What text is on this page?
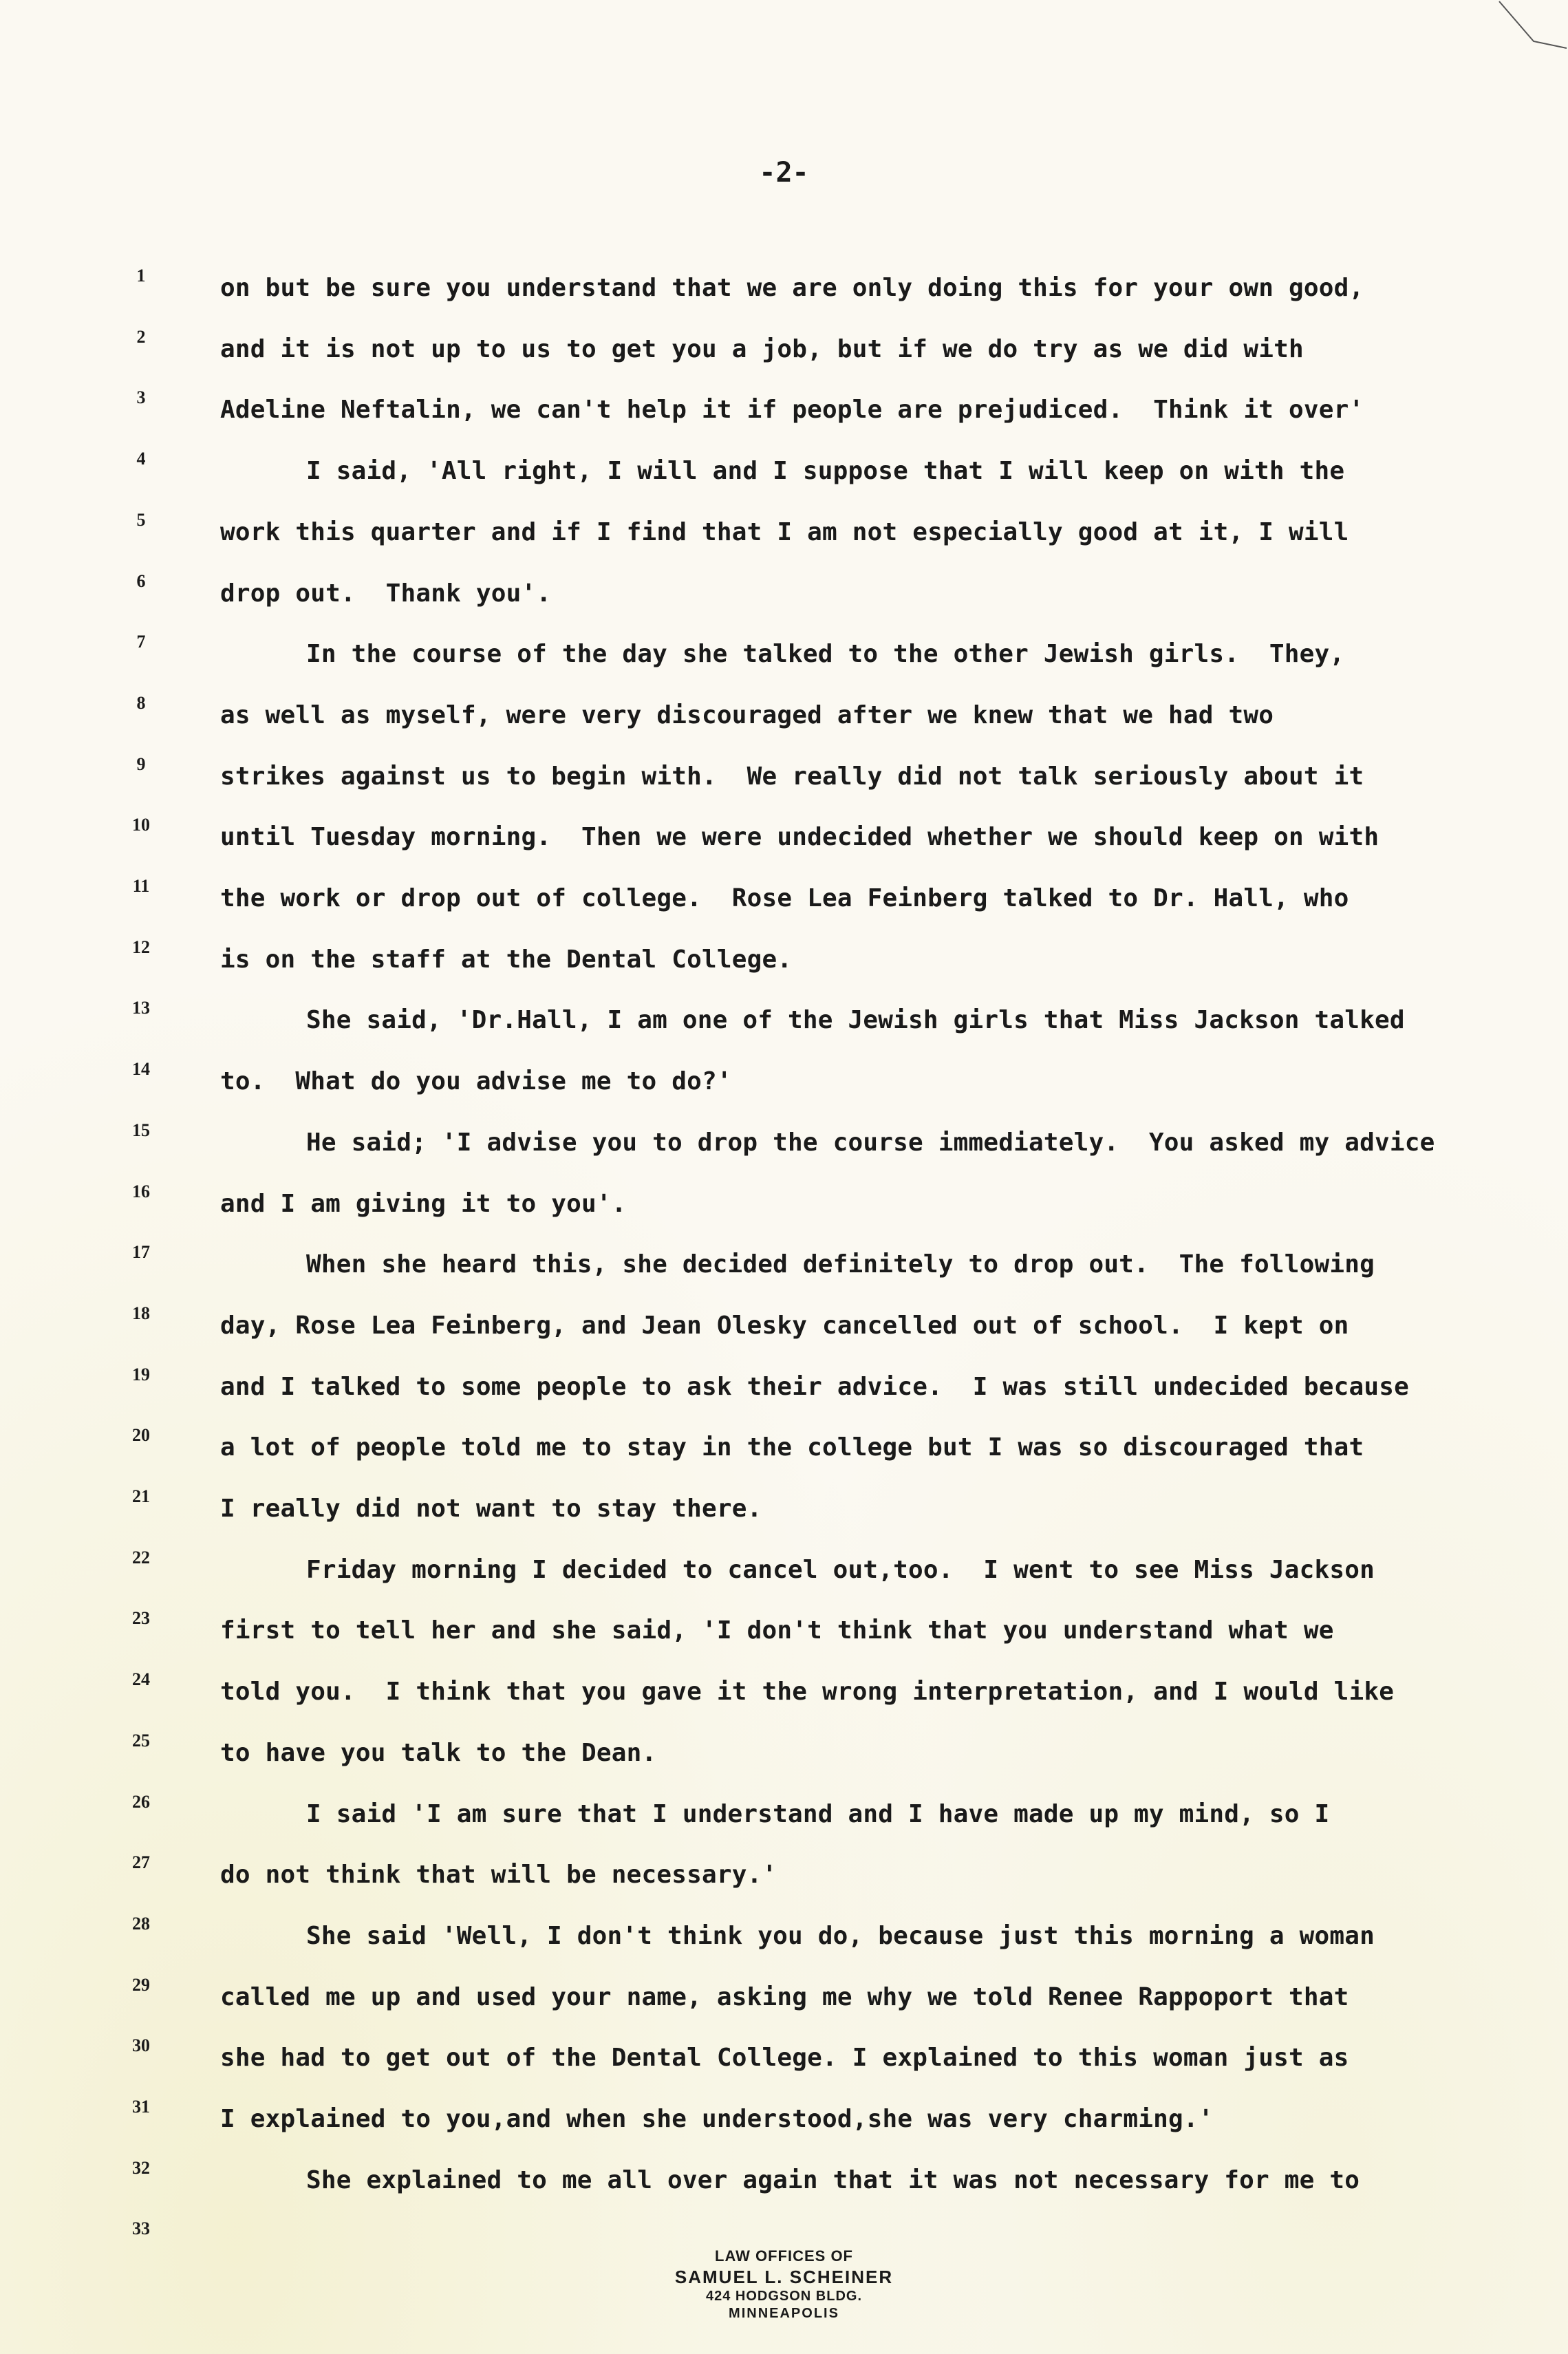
-2-
1	on but be sure you understand that we are only doing this for your own good,
2	and it is not up to us to get you a job, but if we do try as we did with
3	Adeline Neftalin, we can't help it if people are prejudiced.  Think it over'
4	I said, 'All right, I will and I suppose that I will keep on with the
5	work this quarter and if I find that I am not especially good at it, I will
6	drop out.  Thank you'.
7	In the course of the day she talked to the other Jewish girls.  They,
8	as well as myself, were very discouraged after we knew that we had two
9	strikes against us to begin with.  We really did not talk seriously about it
10	until Tuesday morning.  Then we were undecided whether we should keep on with
11	the work or drop out of college.  Rose Lea Feinberg talked to Dr. Hall, who
12	is on the staff at the Dental College.
13	She said, 'Dr.Hall, I am one of the Jewish girls that Miss Jackson talked
14	to.  What do you advise me to do?'
15	He said; 'I advise you to drop the course immediately.  You asked my advice
16	and I am giving it to you'.
17	When she heard this, she decided definitely to drop out.  The following
18	day, Rose Lea Feinberg, and Jean Olesky cancelled out of school.  I kept on
19	and I talked to some people to ask their advice.  I was still undecided because
20	a lot of people told me to stay in the college but I was so discouraged that
21	I really did not want to stay there.
22	Friday morning I decided to cancel out,too.  I went to see Miss Jackson
23	first to tell her and she said, 'I don't think that you understand what we
24	told you.  I think that you gave it the wrong interpretation, and I would like
25	to have you talk to the Dean.
26	I said 'I am sure that I understand and I have made up my mind, so I
27	do not think that will be necessary.'
28	She said 'Well, I don't think you do, because just this morning a woman
29	called me up and used your name, asking me why we told Renee Rappoport that
30	she had to get out of the Dental College. I explained to this woman just as
31	I explained to you,and when she understood,she was very charming.'
32	She explained to me all over again that it was not necessary for me to
33
LAW OFFICES OF
SAMUEL L. SCHEINER
424 HODGSON BLDG.
MINNEAPOLIS
